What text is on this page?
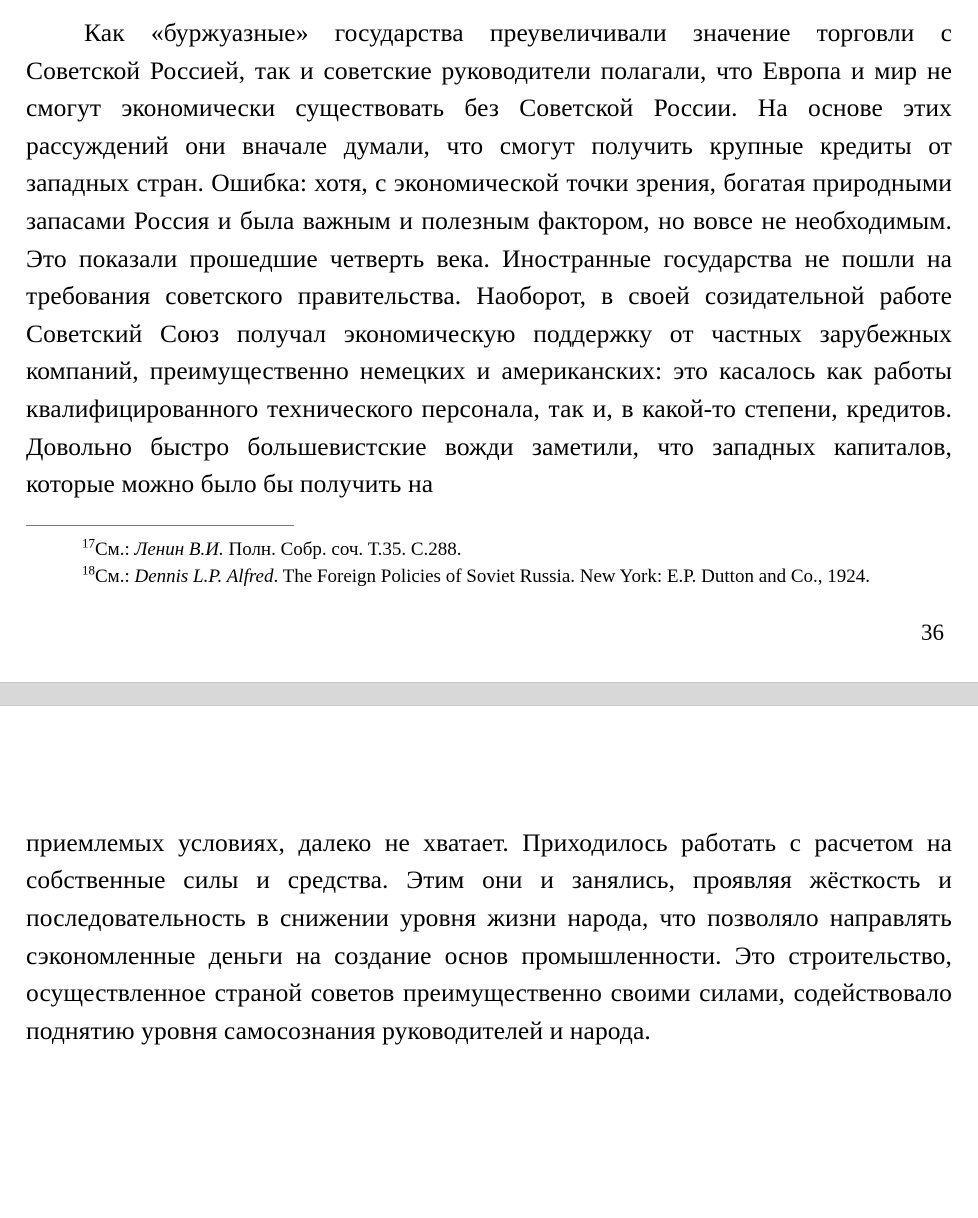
Как «буржуазные» государства преувеличивали значение торговли с Советской Россией, так и советские руководители полагали, что Европа и мир не смогут экономически существовать без Советской России. На основе этих рассуждений они вначале думали, что смогут получить крупные кредиты от западных стран. Ошибка: хотя, с экономической точки зрения, богатая природными запасами Россия и была важным и полезным фактором, но вовсе не необходимым. Это показали прошедшие четверть века. Иностранные государства не пошли на требования советского правительства. Наоборот, в своей созидательной работе Советский Союз получал экономическую поддержку от частных зарубежных компаний, преимущественно немецких и американских: это касалось как работы квалифицированного технического персонала, так и, в какой-то степени, кредитов. Довольно быстро большевистские вожди заметили, что западных капиталов, которые можно было бы получить на

$^{17}$См.: Ленин В.И. Полн. Собр. соч. Т.35. С.288.

$^{18}$См.: Dennis L.P. Alfred. The Foreign Policies of Soviet Russia. New York: E.P. Dutton and Co., 1924.

36

приемлемых условиях, далеко не хватает. Приходилось работать с расчетом на собственные силы и средства. Этим они и занялись, проявляя жёсткость и последовательность в снижении уровня жизни народа, что позволяло направлять сэкономленные деньги на создание основ промышленности. Это строительство, осуществленное страной советов преимущественно своими силами, содействовало поднятию уровня самосознания руководителей и народа.
